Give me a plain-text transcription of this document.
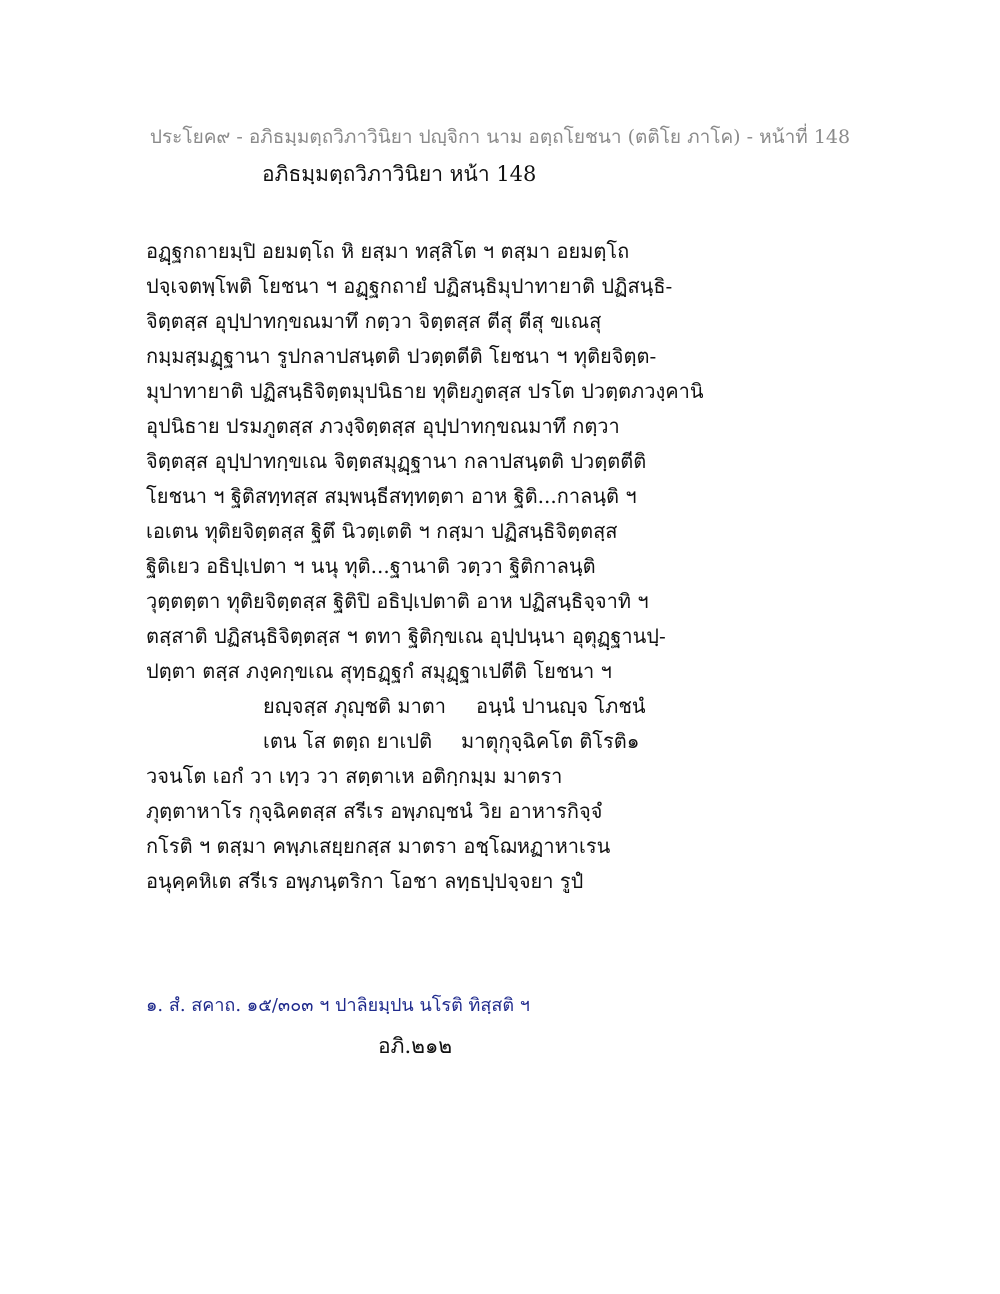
ประโยค๙ - อภิธมฺมตฺถวิภาวินิยา ปญฺจิกา นาม อตฺถโยชนา (ตติโย ภาโค) - หน้าที่ 148
อภิธมฺมตฺถวิภาวินิยา หน้า 148
อฏฺฐกถายมฺปิ อยมตฺโถ หิ ยสฺมา ทสฺสิโต ฯ ตสฺมา อยมตฺโถ
ปจฺเจตพฺโพติ โยชนา ฯ อฏฺฐกถายํ ปฏิสนฺธิมุปาทายาติ ปฏิสนฺธิ-
จิตฺตสฺส อุปฺปาทกฺขณมาทึ กตฺวา จิตฺตสฺส ตีสุ ตีสุ ขเณสุ
กมฺมสฺมฏฺฐานา รูปกลาปสนฺตติ ปวตฺตตีติ โยชนา ฯ ทุติยจิตฺต-
มุปาทายาติ ปฏิสนฺธิจิตฺตมุปนิธาย ทุติยภูตสฺส ปรโต ปวตฺตภวงฺคานิ
อุปนิธาย ปรมภูตสฺส ภวงฺจิตฺตสฺส อุปฺปาทกฺขณมาทึ กตฺวา
จิตฺตสฺส อุปฺปาทกฺขเณ จิตฺตสมุฏฺฐานา กลาปสนฺตติ ปวตฺตตีติ
โยชนา ฯ ฐิติสทฺทสฺส สมฺพนฺธีสทฺทตฺตา อาห ฐิติ...กาลนฺติ ฯ
เอเตน ทุติยจิตฺตสฺส ฐิตึ นิวตฺเตติ ฯ กสฺมา ปฏิสนฺธิจิตฺตสฺส
ฐิติเยว อธิปฺเปตา ฯ นนุ ทุติ...ฐานาติ วตฺวา ฐิติกาลนฺติ
วุตฺตตฺตา ทุติยจิตฺตสฺส ฐิติปิ อธิปฺเปตาติ อาห ปฏิสนฺธิจฺจาทิ ฯ
ตสฺสาติ ปฏิสนฺธิจิตฺตสฺส ฯ ตทา ฐิติกฺขเณ อุปฺปนฺนา อุตุฏฺฐานปฺ-
ปตฺตา ตสฺส ภงฺคกฺขเณ สุทฺธฏฺฐกํ สมุฏฺฐาเปตีติ โยชนา ฯ
ยญฺจสฺส ภุญฺชติ มาตา อนฺนํ ปานญฺจ โภชนํ
เตน โส ตตฺถ ยาเปติ มาตุกุจฺฉิคโต ติโรติ๑
วจนโต เอกํ วา เทฺว วา สตฺตาเห อติกฺกมฺม มาตรา
ภุตฺตาหาโร กุจฺฉิคตสฺส สรีเร อพฺภญฺชนํ วิย อาหารกิจฺจํ
กโรติ ฯ ตสฺมา คพฺภเสยฺยกสฺส มาตรา อชฺโฌหฏาหาเรน
อนุคฺคหิเต สรีเร อพฺภนฺตริกา โอชา ลทฺธปฺปจฺจยา รูปํ
๑. สํ. สคาถ. ๑๕/๓๐๓ ฯ ปาลิยมฺปน นโรติ ทิสฺสติ ฯ
อภิ.๒๑๒
